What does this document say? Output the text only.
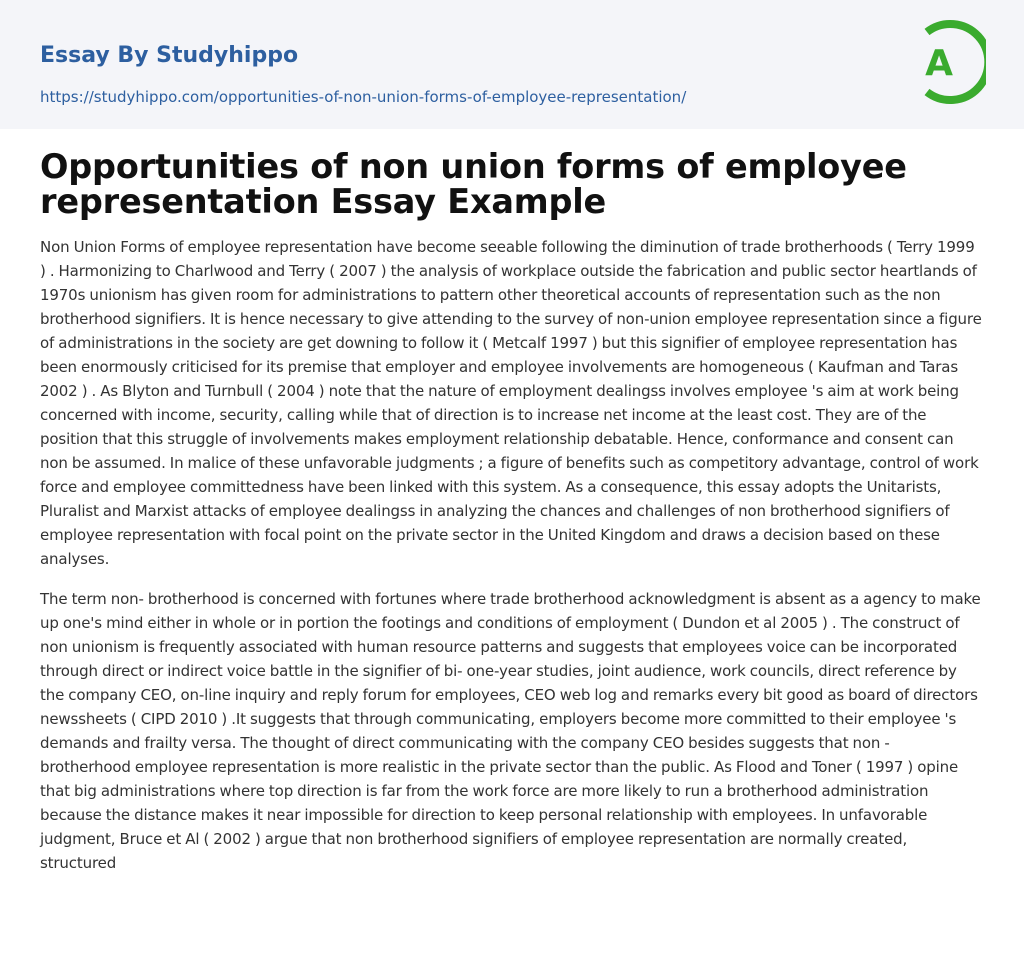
Essay By Studyhippo
https://studyhippo.com/opportunities-of-non-union-forms-of-employee-representation/
A
Opportunities of non union forms of employee representation Essay Example

Non Union Forms of employee representation have become seeable following the diminution of trade brotherhoods ( Terry 1999 ) . Harmonizing to Charlwood and Terry ( 2007 ) the analysis of workplace outside the fabrication and public sector heartlands of 1970s unionism has given room for administrations to pattern other theoretical accounts of representation such as the non brotherhood signifiers. It is hence necessary to give attending to the survey of non-union employee representation since a figure of administrations in the society are get downing to follow it ( Metcalf 1997 ) but this signifier of employee representation has been enormously criticised for its premise that employer and employee involvements are homogeneous ( Kaufman and Taras 2002 ) . As Blyton and Turnbull ( 2004 ) note that the nature of employment dealingss involves employee 's aim at work being concerned with income, security, calling while that of direction is to increase net income at the least cost. They are of the position that this struggle of involvements makes employment relationship debatable. Hence, conformance and consent can non be assumed. In malice of these unfavorable judgments ; a figure of benefits such as competitory advantage, control of work force and employee committedness have been linked with this system. As a consequence, this essay adopts the Unitarists, Pluralist and Marxist attacks of employee dealingss in analyzing the chances and challenges of non brotherhood signifiers of employee representation with focal point on the private sector in the United Kingdom and draws a decision based on these analyses.

The term non- brotherhood is concerned with fortunes where trade brotherhood acknowledgment is absent as a agency to make up one's mind either in whole or in portion the footings and conditions of employment ( Dundon et al 2005 ) . The construct of non unionism is frequently associated with human resource patterns and suggests that employees voice can be incorporated through direct or indirect voice battle in the signifier of bi- one-year studies, joint audience, work councils, direct reference by the company CEO, on-line inquiry and reply forum for employees, CEO web log and remarks every bit good as board of directors newssheets ( CIPD 2010 ) .It suggests that through communicating, employers become more committed to their employee 's demands and frailty versa. The thought of direct communicating with the company CEO besides suggests that non - brotherhood employee representation is more realistic in the private sector than the public. As Flood and Toner ( 1997 ) opine that big administrations where top direction is far from the work force are more likely to run a brotherhood administration because the distance makes it near impossible for direction to keep personal relationship with employees. In unfavorable judgment, Bruce et Al ( 2002 ) argue that non brotherhood signifiers of employee representation are normally created, structured
